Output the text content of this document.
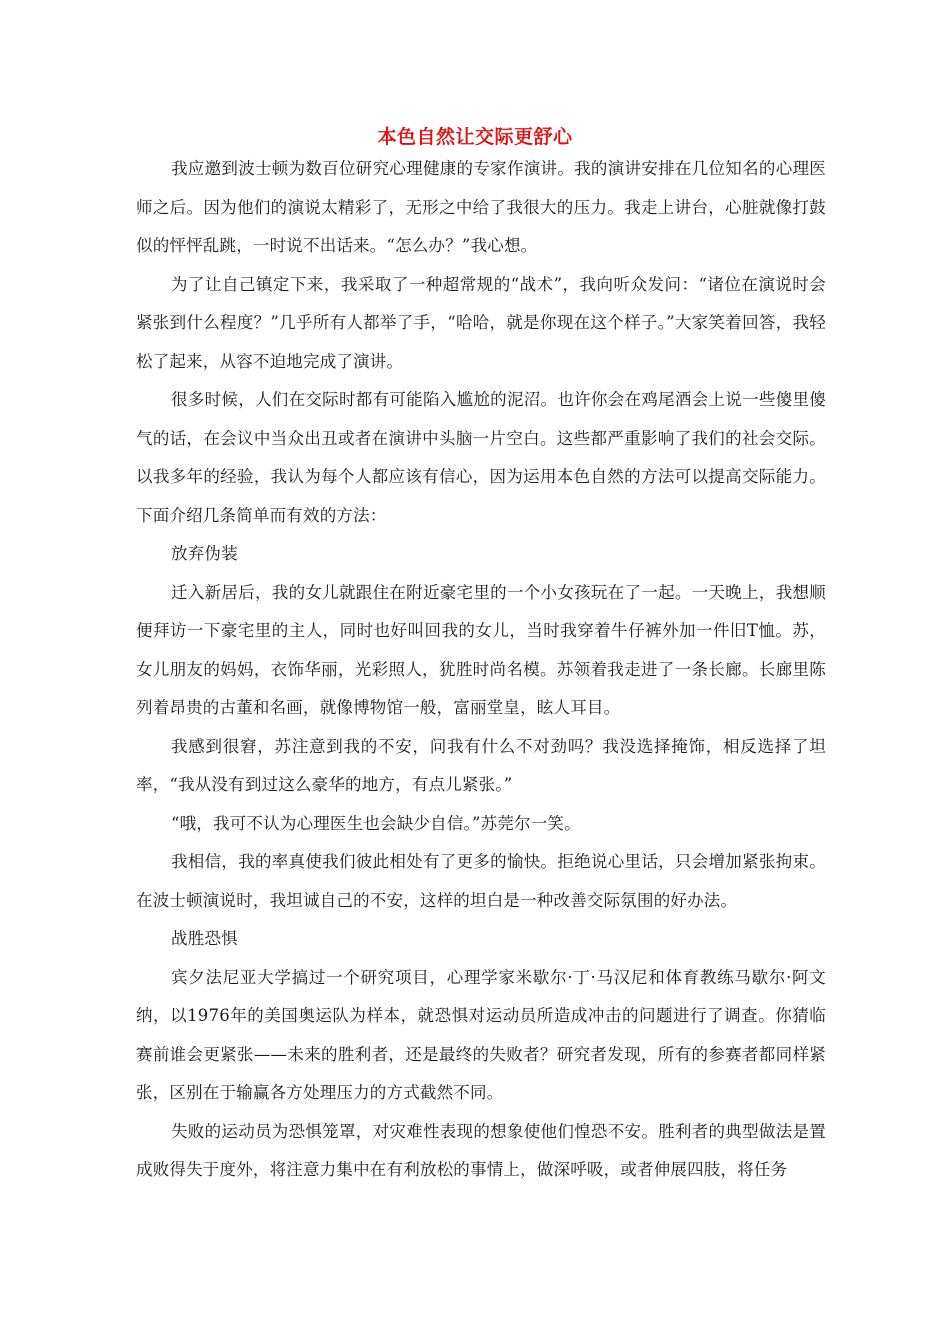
本色自然让交际更舒心

我应邀到波士顿为数百位研究心理健康的专家作演讲。我的演讲安排在几位知名的心理医师之后。因为他们的演说太精彩了，无形之中给了我很大的压力。我走上讲台，心脏就像打鼓似的怦怦乱跳，一时说不出话来。“怎么办？”我心想。

为了让自己镇定下来，我采取了一种超常规的“战术”，我向听众发问：“诸位在演说时会紧张到什么程度？”几乎所有人都举了手，“哈哈，就是你现在这个样子。”大家笑着回答，我轻松了起来，从容不迫地完成了演讲。

很多时候，人们在交际时都有可能陷入尴尬的泥沼。也许你会在鸡尾酒会上说一些傻里傻气的话，在会议中当众出丑或者在演讲中头脑一片空白。这些都严重影响了我们的社会交际。以我多年的经验，我认为每个人都应该有信心，因为运用本色自然的方法可以提高交际能力。下面介绍几条简单而有效的方法：

放弃伪装

迁入新居后，我的女儿就跟住在附近豪宅里的一个小女孩玩在了一起。一天晚上，我想顺便拜访一下豪宅里的主人，同时也好叫回我的女儿，当时我穿着牛仔裤外加一件旧T恤。苏，女儿朋友的妈妈，衣饰华丽，光彩照人，犹胜时尚名模。苏领着我走进了一条长廊。长廊里陈列着昂贵的古董和名画，就像博物馆一般，富丽堂皇，眩人耳目。

我感到很窘，苏注意到我的不安，问我有什么不对劲吗？我没选择掩饰，相反选择了坦率，“我从没有到过这么豪华的地方，有点儿紧张。”

“哦，我可不认为心理医生也会缺少自信。”苏莞尔一笑。

我相信，我的率真使我们彼此相处有了更多的愉快。拒绝说心里话，只会增加紧张拘束。在波士顿演说时，我坦诚自己的不安，这样的坦白是一种改善交际氛围的好办法。

战胜恐惧

宾夕法尼亚大学搞过一个研究项目，心理学家米歇尔·丁·马汉尼和体育教练马歇尔·阿文纳，以1976年的美国奥运队为样本，就恐惧对运动员所造成冲击的问题进行了调查。你猜临赛前谁会更紧张——未来的胜利者，还是最终的失败者？研究者发现，所有的参赛者都同样紧张，区别在于输赢各方处理压力的方式截然不同。

失败的运动员为恐惧笼罩，对灾难性表现的想象使他们惶恐不安。胜利者的典型做法是置成败得失于度外，将注意力集中在有利放松的事情上，做深呼吸，或者伸展四肢，将任务
